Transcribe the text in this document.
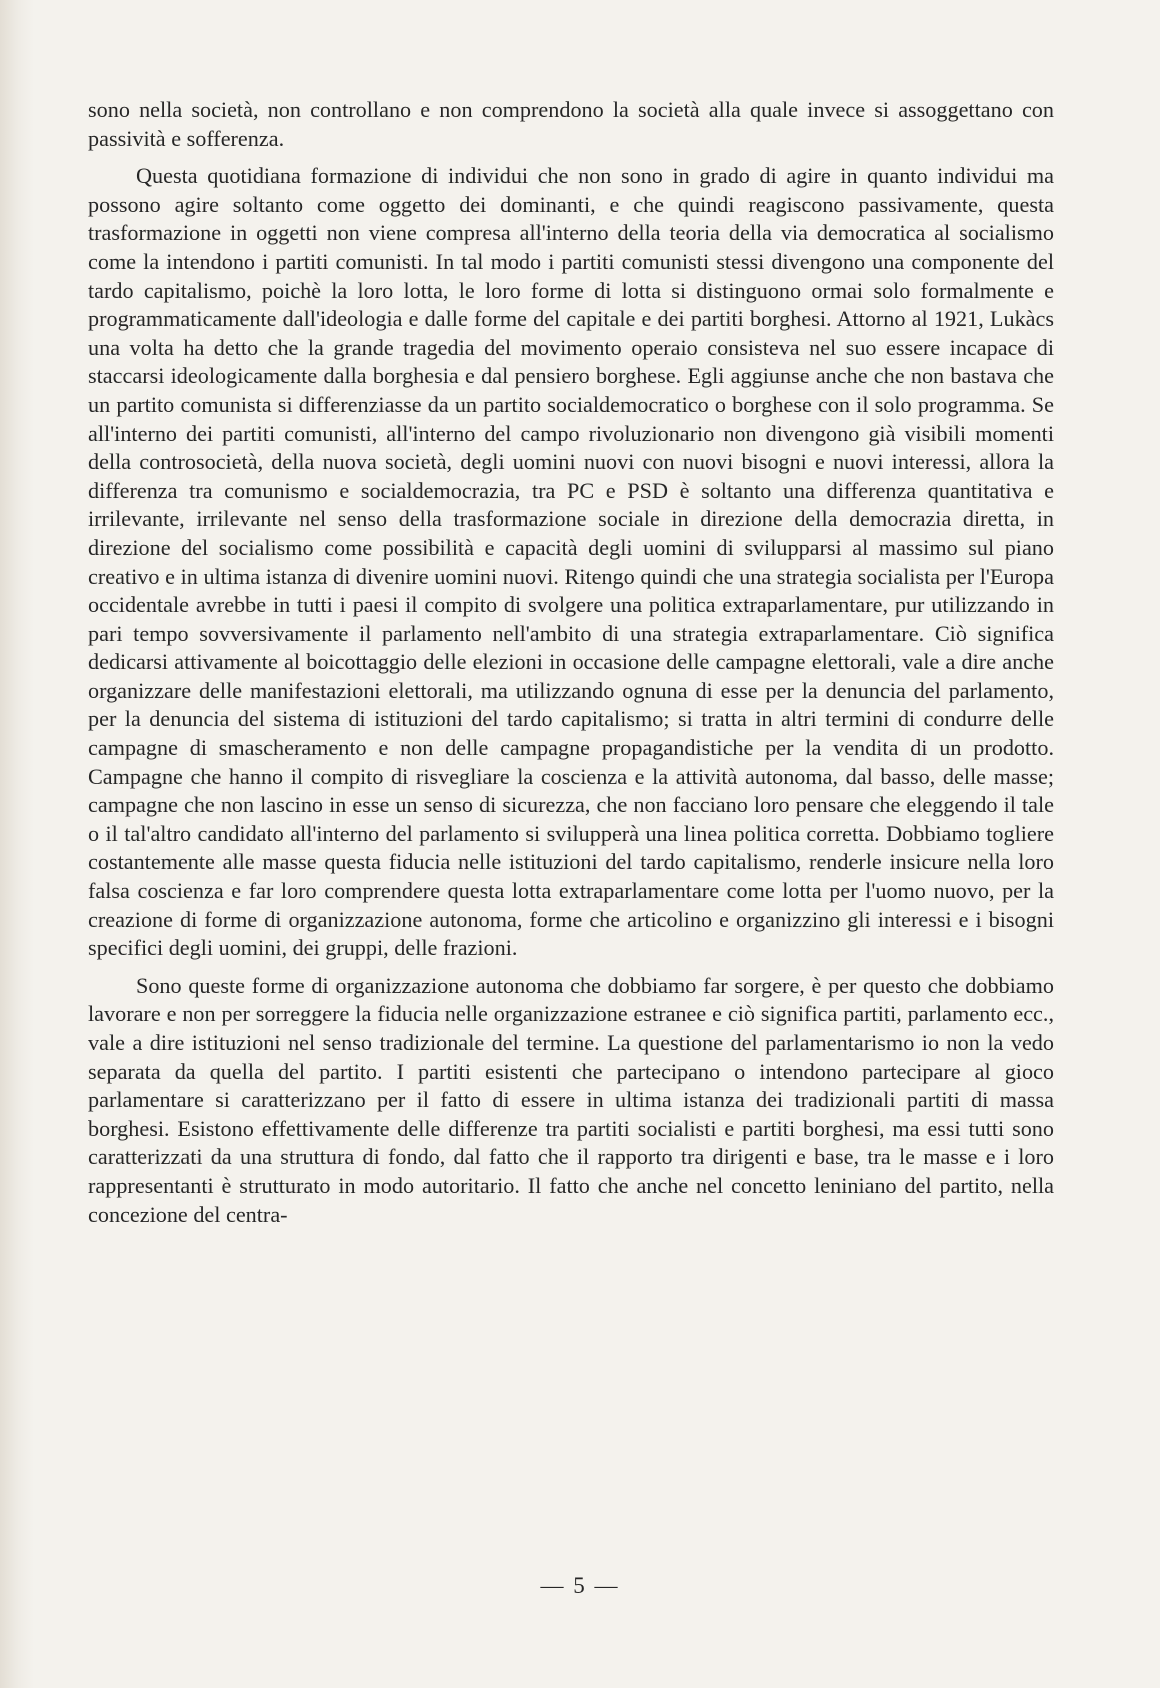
sono nella società, non controllano e non comprendono la società alla quale invece si assoggettano con passività e sofferenza.

Questa quotidiana formazione di individui che non sono in grado di agire in quanto individui ma possono agire soltanto come oggetto dei dominanti, e che quindi reagiscono passivamente, questa trasformazione in oggetti non viene compresa all'interno della teoria della via democratica al socialismo come la intendono i partiti comunisti. In tal modo i partiti comunisti stessi divengono una componente del tardo capitalismo, poichè la loro lotta, le loro forme di lotta si distinguono ormai solo formalmente e programmaticamente dall'ideologia e dalle forme del capitale e dei partiti borghesi. Attorno al 1921, Lukàcs una volta ha detto che la grande tragedia del movimento operaio consisteva nel suo essere incapace di staccarsi ideologicamente dalla borghesia e dal pensiero borghese. Egli aggiunse anche che non bastava che un partito comunista si differenziasse da un partito socialdemocratico o borghese con il solo programma. Se all'interno dei partiti comunisti, all'interno del campo rivoluzionario non divengono già visibili momenti della controsocietà, della nuova società, degli uomini nuovi con nuovi bisogni e nuovi interessi, allora la differenza tra comunismo e socialdemocrazia, tra PC e PSD è soltanto una differenza quantitativa e irrilevante, irrilevante nel senso della trasformazione sociale in direzione della democrazia diretta, in direzione del socialismo come possibilità e capacità degli uomini di svilupparsi al massimo sul piano creativo e in ultima istanza di divenire uomini nuovi. Ritengo quindi che una strategia socialista per l'Europa occidentale avrebbe in tutti i paesi il compito di svolgere una politica extraparlamentare, pur utilizzando in pari tempo sovversivamente il parlamento nell'ambito di una strategia extraparlamentare. Ciò significa dedicarsi attivamente al boicottaggio delle elezioni in occasione delle campagne elettorali, vale a dire anche organizzare delle manifestazioni elettorali, ma utilizzando ognuna di esse per la denuncia del parlamento, per la denuncia del sistema di istituzioni del tardo capitalismo; si tratta in altri termini di condurre delle campagne di smascheramento e non delle campagne propagandistiche per la vendita di un prodotto. Campagne che hanno il compito di risvegliare la coscienza e la attività autonoma, dal basso, delle masse; campagne che non lascino in esse un senso di sicurezza, che non facciano loro pensare che eleggendo il tale o il tal'altro candidato all'interno del parlamento si svilupperà una linea politica corretta. Dobbiamo togliere costantemente alle masse questa fiducia nelle istituzioni del tardo capitalismo, renderle insicure nella loro falsa coscienza e far loro comprendere questa lotta extraparlamentare come lotta per l'uomo nuovo, per la creazione di forme di organizzazione autonoma, forme che articolino e organizzino gli interessi e i bisogni specifici degli uomini, dei gruppi, delle frazioni.

Sono queste forme di organizzazione autonoma che dobbiamo far sorgere, è per questo che dobbiamo lavorare e non per sorreggere la fiducia nelle organizzazione estranee e ciò significa partiti, parlamento ecc., vale a dire istituzioni nel senso tradizionale del termine. La questione del parlamentarismo io non la vedo separata da quella del partito. I partiti esistenti che partecipano o intendono partecipare al gioco parlamentare si caratterizzano per il fatto di essere in ultima istanza dei tradizionali partiti di massa borghesi. Esistono effettivamente delle differenze tra partiti socialisti e partiti borghesi, ma essi tutti sono caratterizzati da una struttura di fondo, dal fatto che il rapporto tra dirigenti e base, tra le masse e i loro rappresentanti è strutturato in modo autoritario. Il fatto che anche nel concetto leniniano del partito, nella concezione del centra-

— 5 —
